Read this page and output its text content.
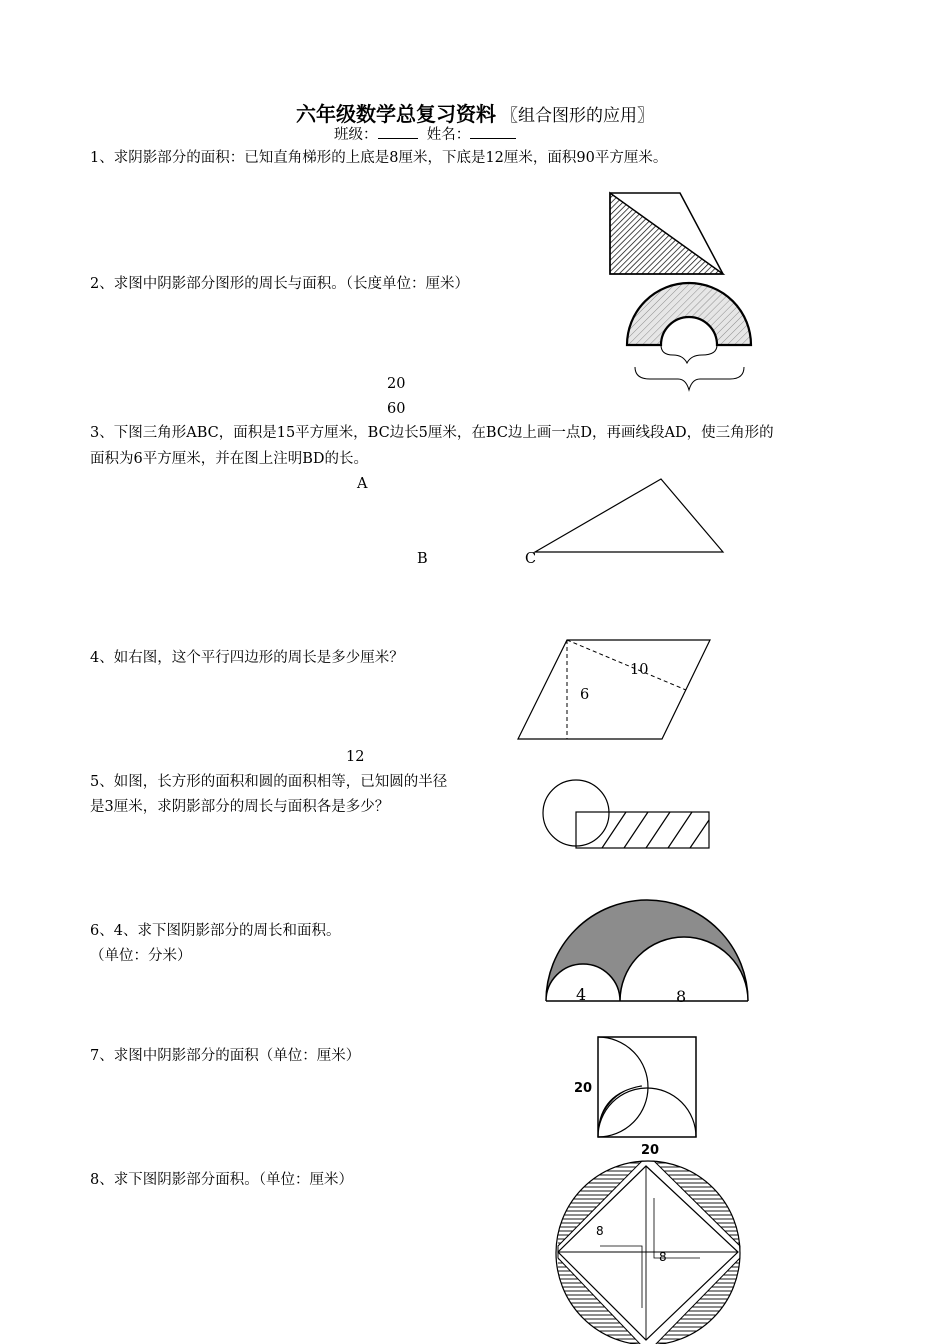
六年级数学总复习资料 〖组合图形的应用〗
班级：	姓名：
1、求阴影部分的面积：已知直角梯形的上底是8厘米，下底是12厘米，面积90平方厘米。
2、求图中阴影部分图形的周长与面积。（长度单位：厘米）
20
60
3、下图三角形ABC，面积是15平方厘米，BC边长5厘米，在BC边上画一点D，再画线段AD，使三角形的
面积为6平方厘米，并在图上注明BD的长。
A
B	C
4、如右图，这个平行四边形的周长是多少厘米？
10
6
12
5、如图，长方形的面积和圆的面积相等，已知圆的半径
是3厘米，求阴影部分的周长与面积各是多少？
6、4、求下图阴影部分的周长和面积。
（单位：分米）
4	8
7、求图中阴影部分的面积（单位：厘米）
20
20
8、求下图阴影部分面积。（单位：厘米）
8
8
